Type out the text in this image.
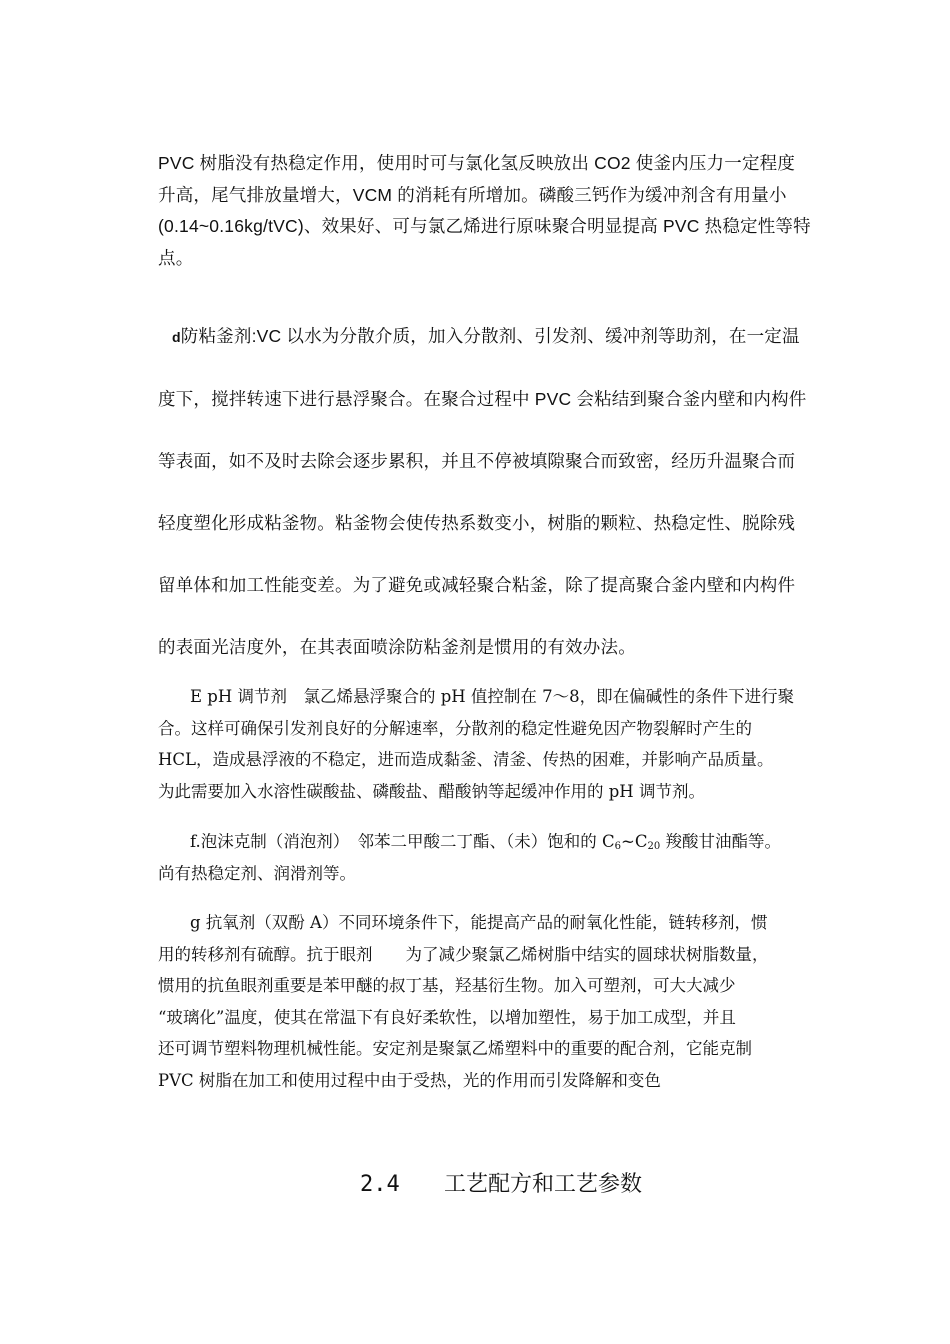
PVC 树脂没有热稳定作用，使用时可与氯化氢反映放出 CO2 使釜内压力一定程度
升高，尾气排放量增大，VCM 的消耗有所增加。磷酸三钙作为缓冲剂含有用量小
(0.14~0.16kg/tVC)、效果好、可与氯乙烯进行原味聚合明显提高 PVC 热稳定性等特
点。
d防粘釜剂:VC 以水为分散介质，加入分散剂、引发剂、缓冲剂等助剂，在一定温
度下，搅拌转速下进行悬浮聚合。在聚合过程中 PVC 会粘结到聚合釜内壁和内构件
等表面，如不及时去除会逐步累积，并且不停被填隙聚合而致密，经历升温聚合而
轻度塑化形成粘釜物。粘釜物会使传热系数变小，树脂的颗粒、热稳定性、脱除残
留单体和加工性能变差。为了避免或减轻聚合粘釜，除了提高聚合釜内壁和内构件
的表面光洁度外，在其表面喷涂防粘釜剂是惯用的有效办法。
E pH 调节剂　氯乙烯悬浮聚合的 pH 值控制在 7～8，即在偏碱性的条件下进行聚
合。这样可确保引发剂良好的分解速率，分散剂的稳定性避免因产物裂解时产生的
HCL，造成悬浮液的不稳定，进而造成黏釜、清釜、传热的困难，并影响产品质量。
为此需要加入水溶性碳酸盐、磷酸盐、醋酸钠等起缓冲作用的 pH 调节剂。
f.泡沫克制（消泡剂）　邻苯二甲酸二丁酯、（未）饱和的 $C_6\sim C_{20}$ 羧酸甘油酯等。
尚有热稳定剂、润滑剂等。
g 抗氧剂（双酚 A）不同环境条件下，能提高产品的耐氧化性能，链转移剂，惯
用的转移剂有硫醇。抗于眼剂　　为了减少聚氯乙烯树脂中结实的圆球状树脂数量，
惯用的抗鱼眼剂重要是苯甲醚的叔丁基，羟基衍生物。加入可塑剂，可大大减少
“玻璃化”温度，使其在常温下有良好柔软性，以增加塑性，易于加工成型，并且
还可调节塑料物理机械性能。安定剂是聚氯乙烯塑料中的重要的配合剂，它能克制
PVC 树脂在加工和使用过程中由于受热，光的作用而引发降解和变色
2.4 工艺配方和工艺参数
